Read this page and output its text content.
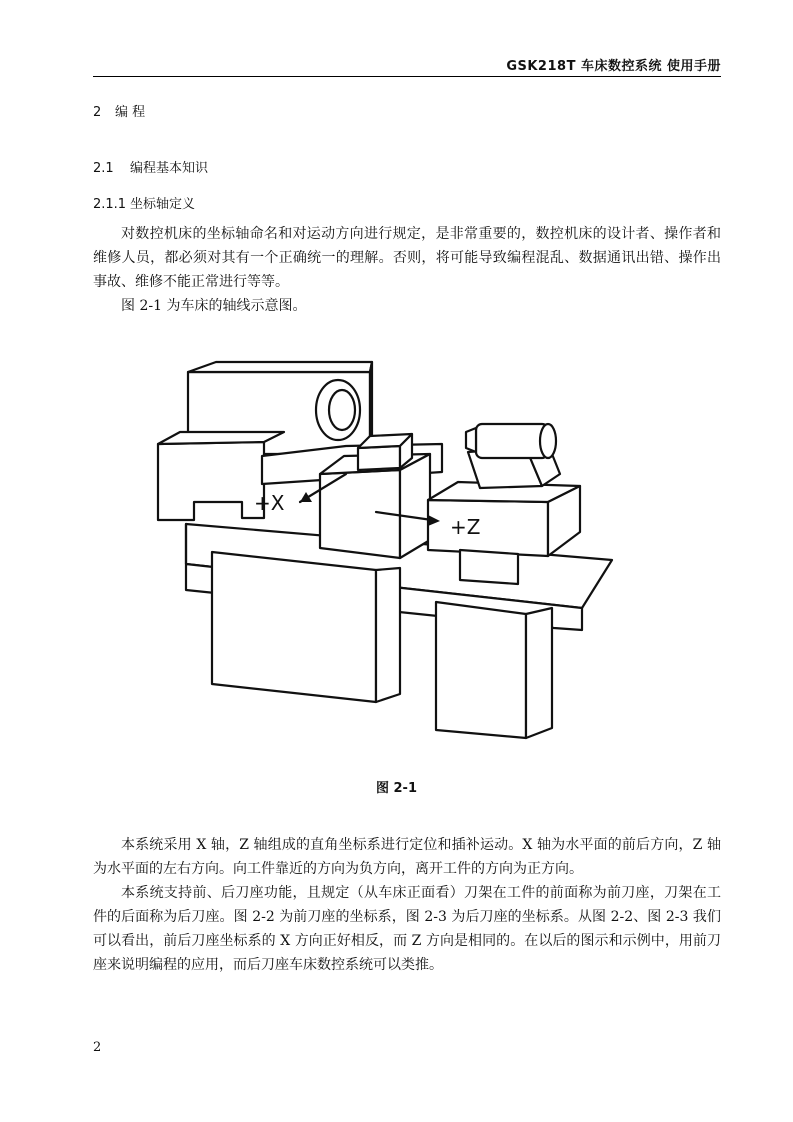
GSK218T 车床数控系统 使用手册
2 编 程
2.1 编程基本知识
2.1.1 坐标轴定义

对数控机床的坐标轴命名和对运动方向进行规定，是非常重要的，数控机床的设计者、操作者和维修人员，都必须对其有一个正确统一的理解。否则，将可能导致编程混乱、数据通讯出错、操作出事故、维修不能正常进行等等。

图 2-1 为车床的轴线示意图。

+X
+Z
图 2-1

本系统采用 X 轴，Z 轴组成的直角坐标系进行定位和插补运动。X 轴为水平面的前后方向，Z 轴为水平面的左右方向。向工件靠近的方向为负方向，离开工件的方向为正方向。

本系统支持前、后刀座功能，且规定（从车床正面看）刀架在工件的前面称为前刀座，刀架在工件的后面称为后刀座。图 2-2 为前刀座的坐标系，图 2-3 为后刀座的坐标系。从图 2-2、图 2-3 我们可以看出，前后刀座坐标系的 X 方向正好相反，而 Z 方向是相同的。在以后的图示和示例中，用前刀座来说明编程的应用，而后刀座车床数控系统可以类推。

2
